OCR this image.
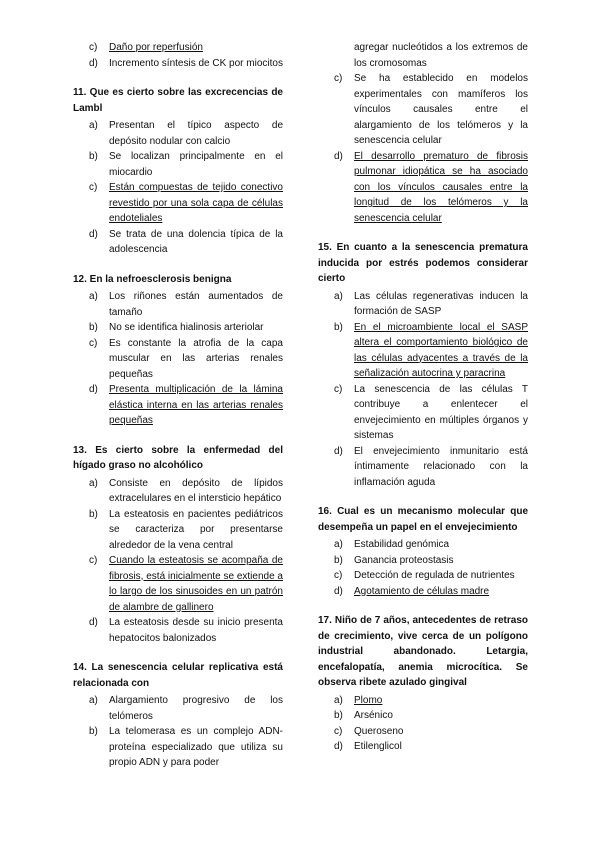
c) Daño por reperfusión
d) Incremento síntesis de CK por miocitos
11. Que es cierto sobre las excrecencias de Lambl
a) Presentan el típico aspecto de depósito nodular con calcio
b) Se localizan principalmente en el miocardio
c) Están compuestas de tejido conectivo revestido por una sola capa de células endoteliales
d) Se trata de una dolencia típica de la adolescencia
12. En la nefroesclerosis benigna
a) Los riñones están aumentados de tamaño
b) No se identifica hialinosis arteriolar
c) Es constante la atrofia de la capa muscular en las arterias renales pequeñas
d) Presenta multiplicación de la lámina elástica interna en las arterias renales pequeñas
13. Es cierto sobre la enfermedad del hígado graso no alcohólico
a) Consiste en depósito de lípidos extracelulares en el intersticio hepático
b) La esteatosis en pacientes pediátricos se caracteriza por presentarse alrededor de la vena central
c) Cuando la esteatosis se acompaña de fibrosis, está inicialmente se extiende a lo largo de los sinusoides en un patrón de alambre de gallinero
d) La esteatosis desde su inicio presenta hepatocitos balonizados
14. La senescencia celular replicativa está relacionada con
a) Alargamiento progresivo de los telómeros
b) La telomerasa es un complejo ADN-proteína especializado que utiliza su propio ADN y para poder
agregar nucleótidos a los extremos de los cromosomas
c) Se ha establecido en modelos experimentales con mamíferos los vínculos causales entre el alargamiento de los telómeros y la senescencia celular
d) El desarrollo prematuro de fibrosis pulmonar idiopática se ha asociado con los vínculos causales entre la longitud de los telómeros y la senescencia celular
15. En cuanto a la senescencia prematura inducida por estrés podemos considerar cierto
a) Las células regenerativas inducen la formación de SASP
b) En el microambiente local el SASP altera el comportamiento biológico de las células adyacentes a través de la señalización autocrina y paracrina
c) La senescencia de las células T contribuye a enlentecer el envejecimiento en múltiples órganos y sistemas
d) El envejecimiento inmunitario está íntimamente relacionado con la inflamación aguda
16. Cual es un mecanismo molecular que desempeña un papel en el envejecimiento
a) Estabilidad genómica
b) Ganancia proteostasis
c) Detección de regulada de nutrientes
d) Agotamiento de células madre
17. Niño de 7 años, antecedentes de retraso de crecimiento, vive cerca de un polígono industrial abandonado. Letargia, encefalopatía, anemia microcítica. Se observa ribete azulado gingival
a) Plomo
b) Arsénico
c) Queroseno
d) Etilenglicol
